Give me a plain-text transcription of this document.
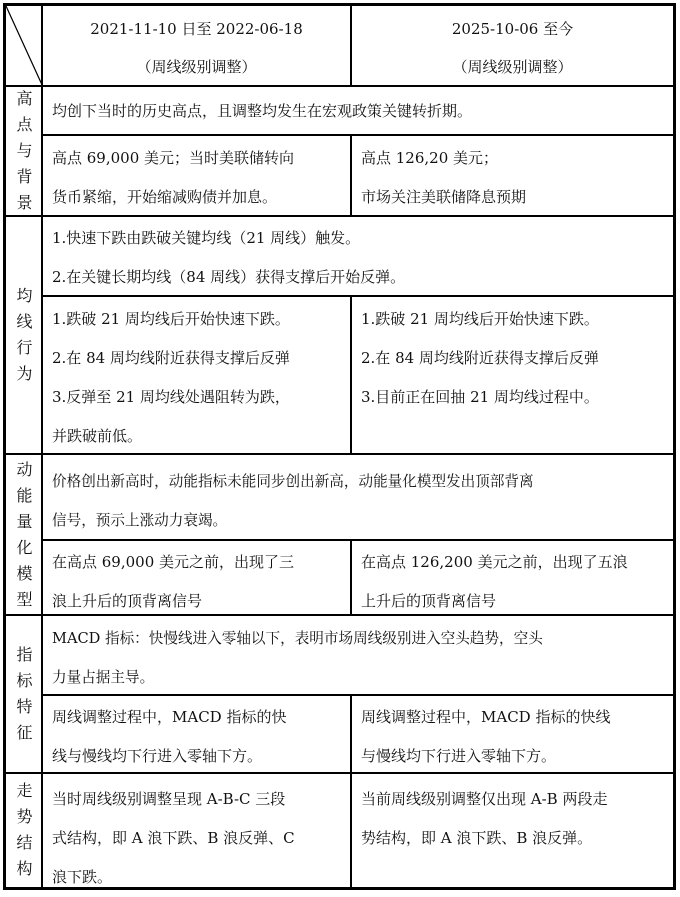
2021-11-10 日至 2022-06-18
（周线级别调整）
2025-10-06 至今
（周线级别调整）
高
点
与
背
景
均创下当时的历史高点，且调整均发生在宏观政策关键转折期。
高点 69,000 美元；当时美联储转向
货币紧缩，开始缩减购债并加息。
高点 126,20 美元；
市场关注美联储降息预期
均
线
行
为
1.快速下跌由跌破关键均线（21 周线）触发。
2.在关键长期均线（84 周线）获得支撑后开始反弹。
1.跌破 21 周均线后开始快速下跌。
2.在 84 周均线附近获得支撑后反弹
3.反弹至 21 周均线处遇阻转为跌，
并跌破前低。
1.跌破 21 周均线后开始快速下跌。
2.在 84 周均线附近获得支撑后反弹
3.目前正在回抽 21 周均线过程中。
动
能
量
化
模
型
价格创出新高时，动能指标未能同步创出新高，动能量化模型发出顶部背离
信号，预示上涨动力衰竭。
在高点 69,000 美元之前，出现了三
浪上升后的顶背离信号
在高点 126,200 美元之前，出现了五浪
上升后的顶背离信号
指
标
特
征
MACD 指标：快慢线进入零轴以下，表明市场周线级别进入空头趋势，空头
力量占据主导。
周线调整过程中，MACD 指标的快
线与慢线均下行进入零轴下方。
周线调整过程中，MACD 指标的快线
与慢线均下行进入零轴下方。
走
势
结
构
当时周线级别调整呈现 A-B-C 三段
式结构，即 A 浪下跌、B 浪反弹、C
浪下跌。
当前周线级别调整仅出现 A-B 两段走
势结构，即 A 浪下跌、B 浪反弹。
